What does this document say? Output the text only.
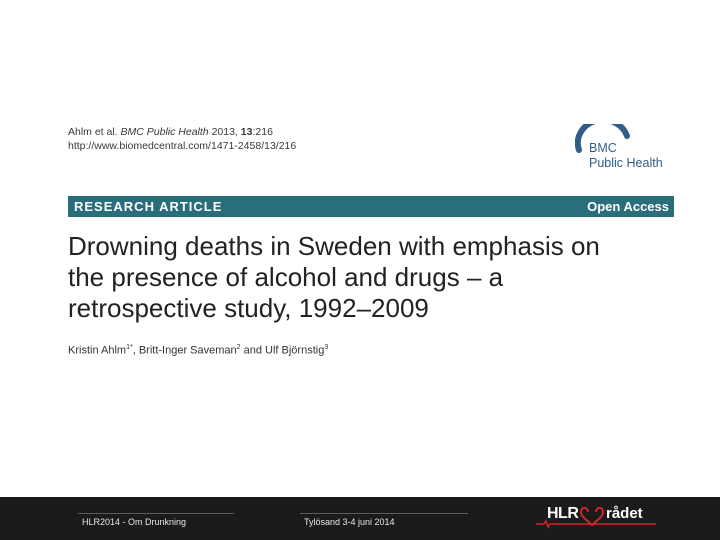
Ahlm et al. BMC Public Health 2013, 13:216
http://www.biomedcentral.com/1471-2458/13/216	BMC
Public Health
RESEARCH ARTICLE	Open Access
Drowning deaths in Sweden with emphasis on
the presence of alcohol and drugs – a
retrospective study, 1992–2009
Kristin Ahlm$^{1*}$, Britt-Inger Saveman$^2$ and Ulf Björnstig$^3$
HLR2014 - Om Drunkning	Tylösand 3-4 juni 2014	HLR rådet
